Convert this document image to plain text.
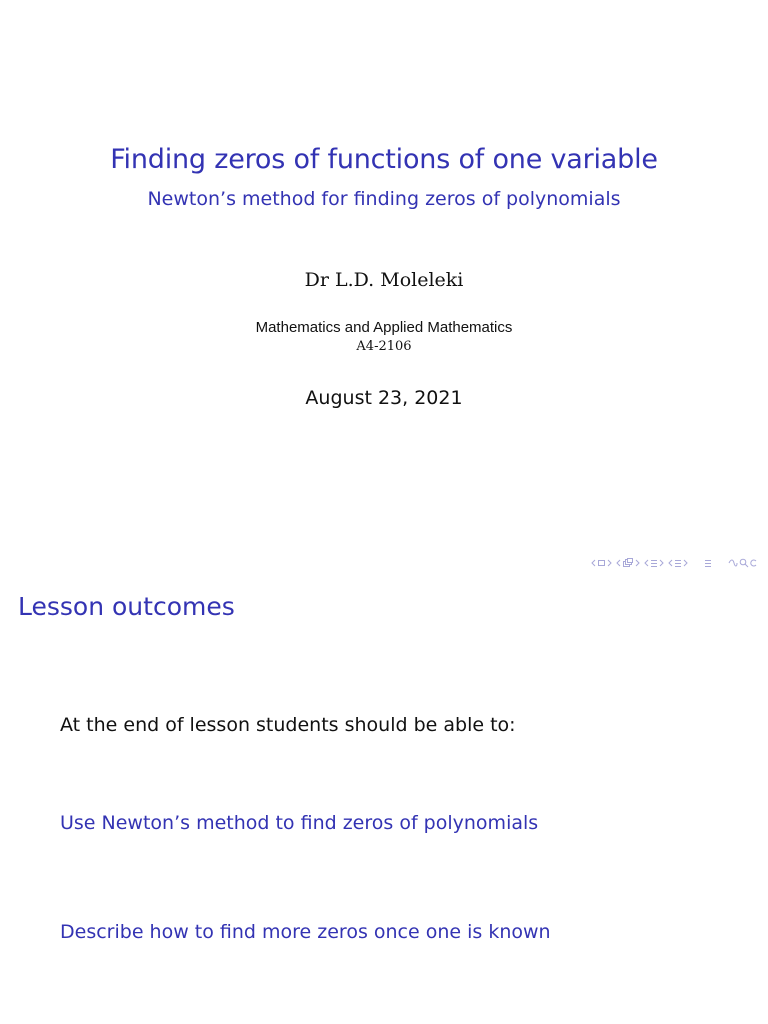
Finding zeros of functions of one variable
Newton’s method for finding zeros of polynomials
Dr L.D. Moleleki
Mathematics and Applied Mathematics
A4-2106
August 23, 2021
Lesson outcomes
At the end of lesson students should be able to:
Use Newton’s method to find zeros of polynomials
Describe how to find more zeros once one is known
